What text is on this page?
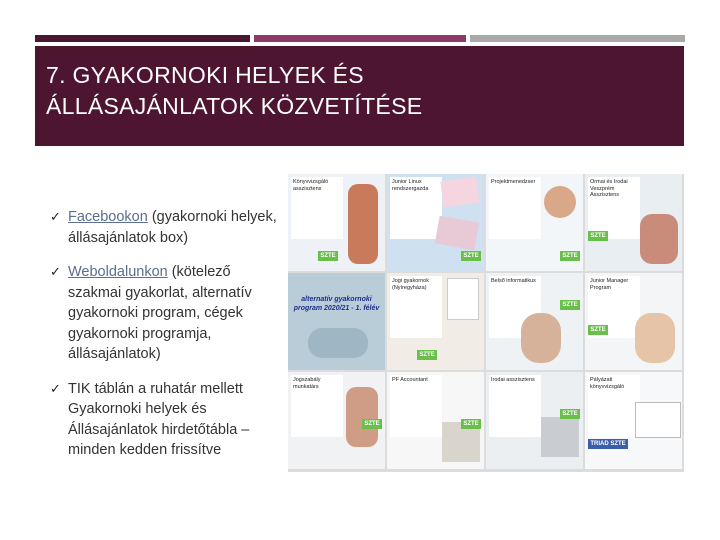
7. GYAKORNOKI HELYEK ÉS
ÁLLÁSAJÁNLATOK KÖZVETÍTÉSE
✓ Facebookon (gyakornoki helyek, állásajánlatok box)
✓ Weboldalunkon (kötelező szakmai gyakorlat, alternatív gyakornoki program, cégek gyakornoki programja, állásajánlatok)
✓ TIK táblán a ruhatár mellett Gyakornoki helyek és Állásajánlatok hirdetőtábla – minden kedden frissítve
Könyvvizsgáló asszisztens
SZTE
Junior Linux rendszergazda
SZTE
Projektmenedzser
SZTE
Ormai és Irodai Veszprém Asszisztens
SZTE
alternatív gyakornoki program 2020/21 - 1. félév
Jogi gyakornok (Nyíregyháza)
SZTE
Belső informatikus
SZTE
Junior Manager Program
SZTE
Jogszabály munkatárs
SZTE
PF Accountant
SZTE
Irodai asszisztens
SZTE
Pályázati könyvvizsgáló
TRIAD SZTE
